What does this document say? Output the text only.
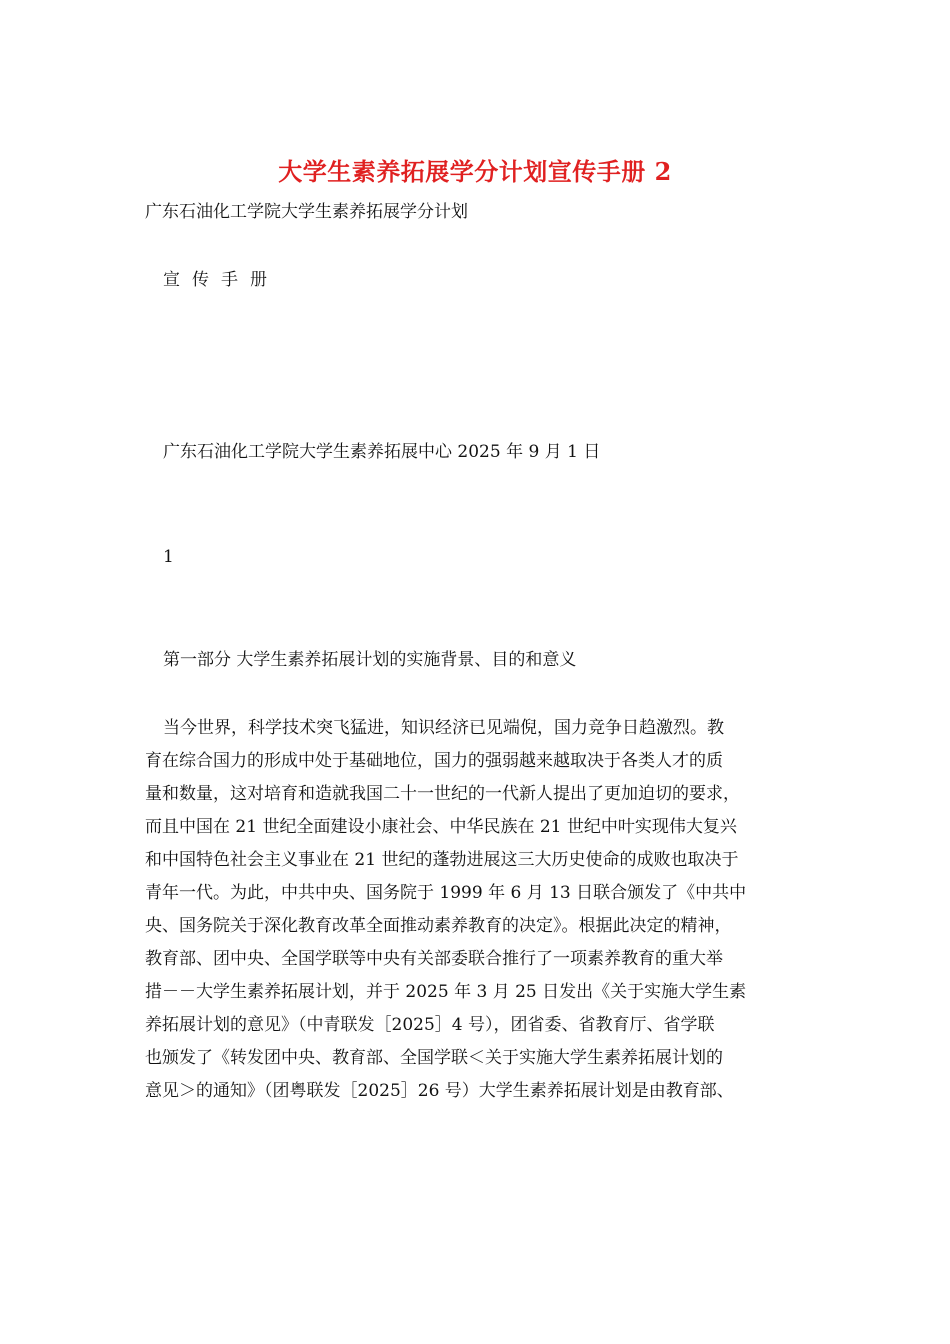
大学生素养拓展学分计划宣传手册 2
广东石油化工学院大学生素养拓展学分计划
宣传手册
广东石油化工学院大学生素养拓展中心 2025 年 9 月 1 日
1
第一部分 大学生素养拓展计划的实施背景、目的和意义
当今世界，科学技术突飞猛进，知识经济已见端倪，国力竞争日趋激烈。教
育在综合国力的形成中处于基础地位，国力的强弱越来越取决于各类人才的质
量和数量，这对培育和造就我国二十一世纪的一代新人提出了更加迫切的要求，
而且中国在 21 世纪全面建设小康社会、中华民族在 21 世纪中叶实现伟大复兴
和中国特色社会主义事业在 21 世纪的蓬勃进展这三大历史使命的成败也取决于
青年一代。为此，中共中央、国务院于 1999 年 6 月 13 日联合颁发了《中共中
央、国务院关于深化教育改革全面推动素养教育的决定》。根据此决定的精神，
教育部、团中央、全国学联等中央有关部委联合推行了一项素养教育的重大举
措－－大学生素养拓展计划，并于 2025 年 3 月 25 日发出《关于实施大学生素
养拓展计划的意见》（中青联发［2025］4 号），团省委、省教育厅、省学联
也颁发了《转发团中央、教育部、全国学联＜关于实施大学生素养拓展计划的
意见＞的通知》（团粤联发［2025］26 号）大学生素养拓展计划是由教育部、
